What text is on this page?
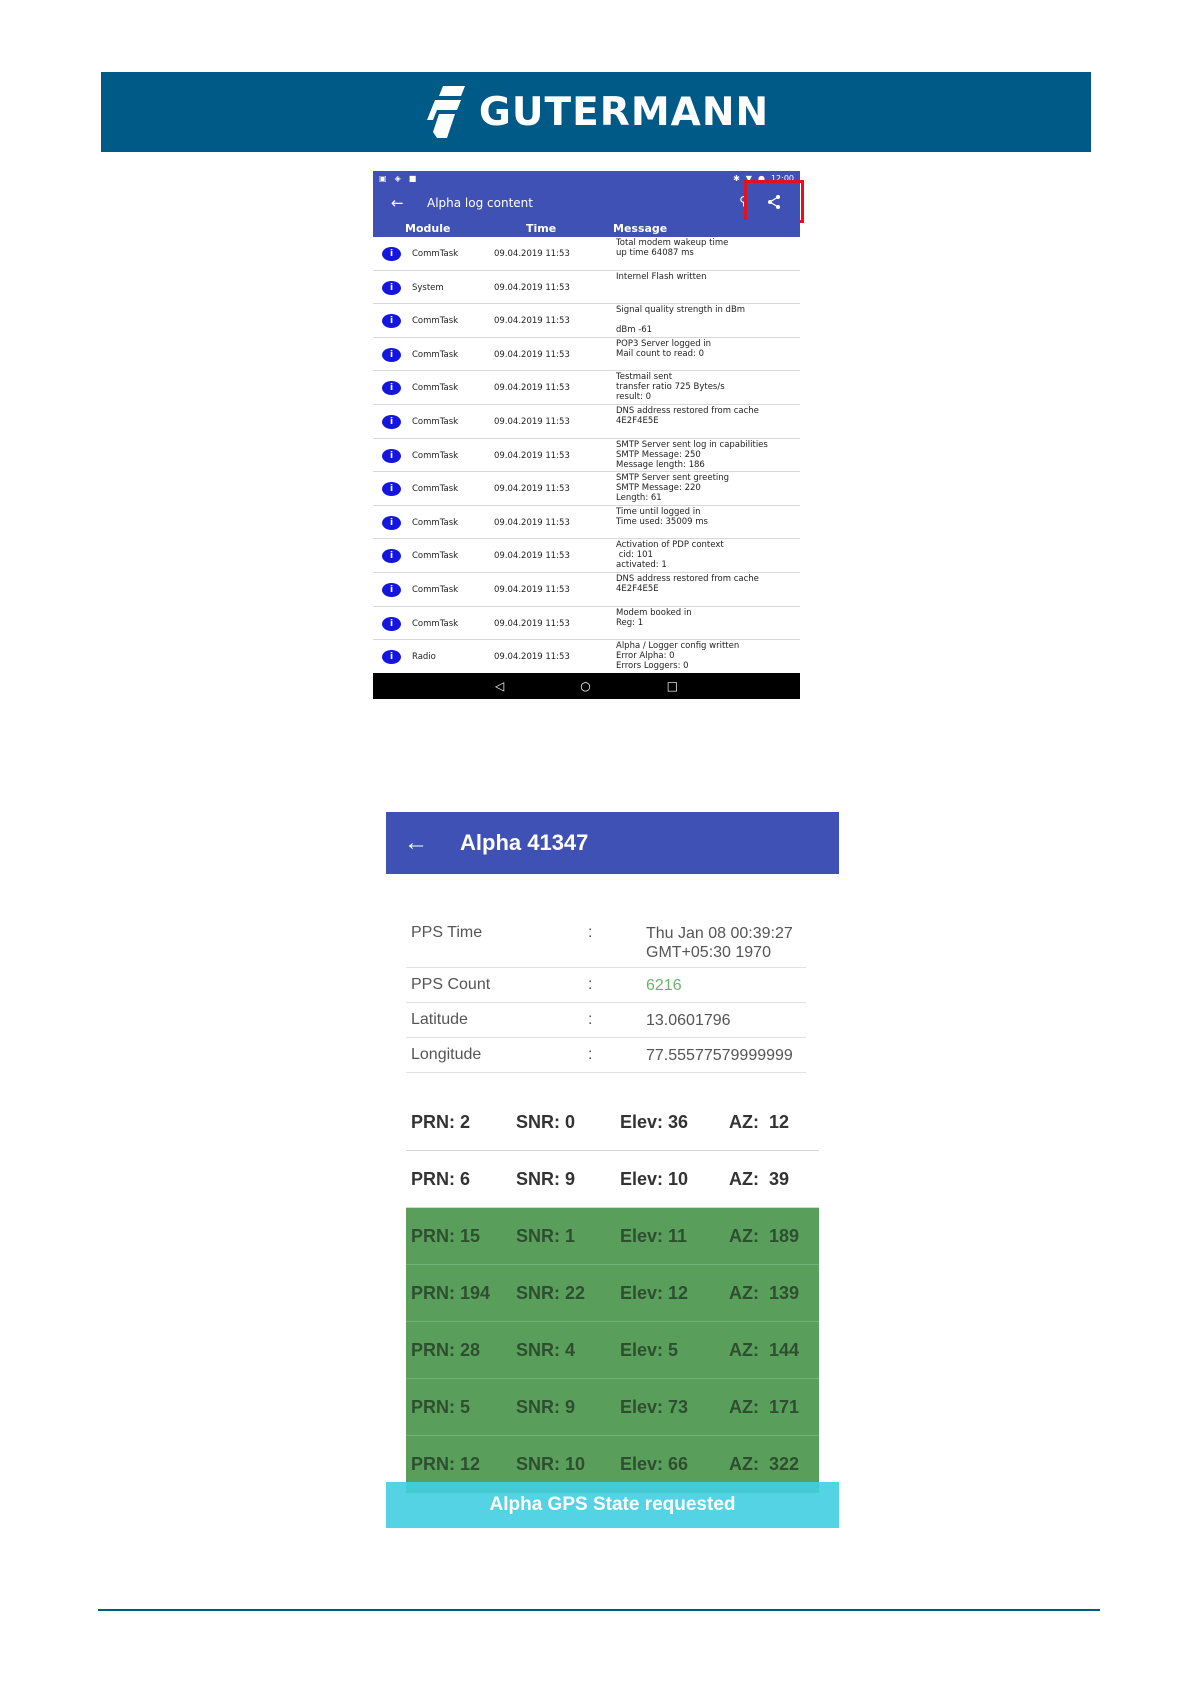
GUTERMANN
▣ ◈ ■	✱ ▼ ● 12:00
← Alpha log content	⚲
Module	Time	Message
i	CommTask	09.04.2019 11:53
Total modem wakeup time
up time 64087 ms
i	System	09.04.2019 11:53
Internel Flash written
i	CommTask	09.04.2019 11:53
Signal quality strength in dBm

dBm -61
i	CommTask	09.04.2019 11:53
POP3 Server logged in
Mail count to read: 0
i	CommTask	09.04.2019 11:53
Testmail sent
transfer ratio 725 Bytes/s
result: 0
i	CommTask	09.04.2019 11:53
DNS address restored from cache
4E2F4E5E
i	CommTask	09.04.2019 11:53
SMTP Server sent log in capabilities
SMTP Message: 250
Message length: 186
i	CommTask	09.04.2019 11:53
SMTP Server sent greeting
SMTP Message: 220
Length: 61
i	CommTask	09.04.2019 11:53
Time until logged in
Time used: 35009 ms
i	CommTask	09.04.2019 11:53
Activation of PDP context
cid: 101
activated: 1
i	CommTask	09.04.2019 11:53
DNS address restored from cache
4E2F4E5E
i	CommTask	09.04.2019 11:53
Modem booked in
Reg: 1
i	Radio	09.04.2019 11:53
Alpha / Logger config written
Error Alpha: 0
Errors Loggers: 0
◁	○	□
← Alpha 41347
PPS Time	:	Thu Jan 08 00:39:27
GMT+05:30 1970
PPS Count	:	6216
Latitude	:	13.0601796
Longitude	:	77.55577579999999
PRN: 2	SNR: 0 Elev: 36 AZ:  12
PRN: 6	SNR: 9 Elev: 10 AZ:  39
PRN: 15 SNR: 1 Elev: 11 AZ:  189
PRN: 194 SNR: 22 Elev: 12 AZ:  139
PRN: 28 SNR: 4 Elev: 5	AZ:  144
PRN: 5	SNR: 9 Elev: 73 AZ:  171
PRN: 12 SNR: 10 Elev: 66 AZ:  322
Alpha GPS State requested
